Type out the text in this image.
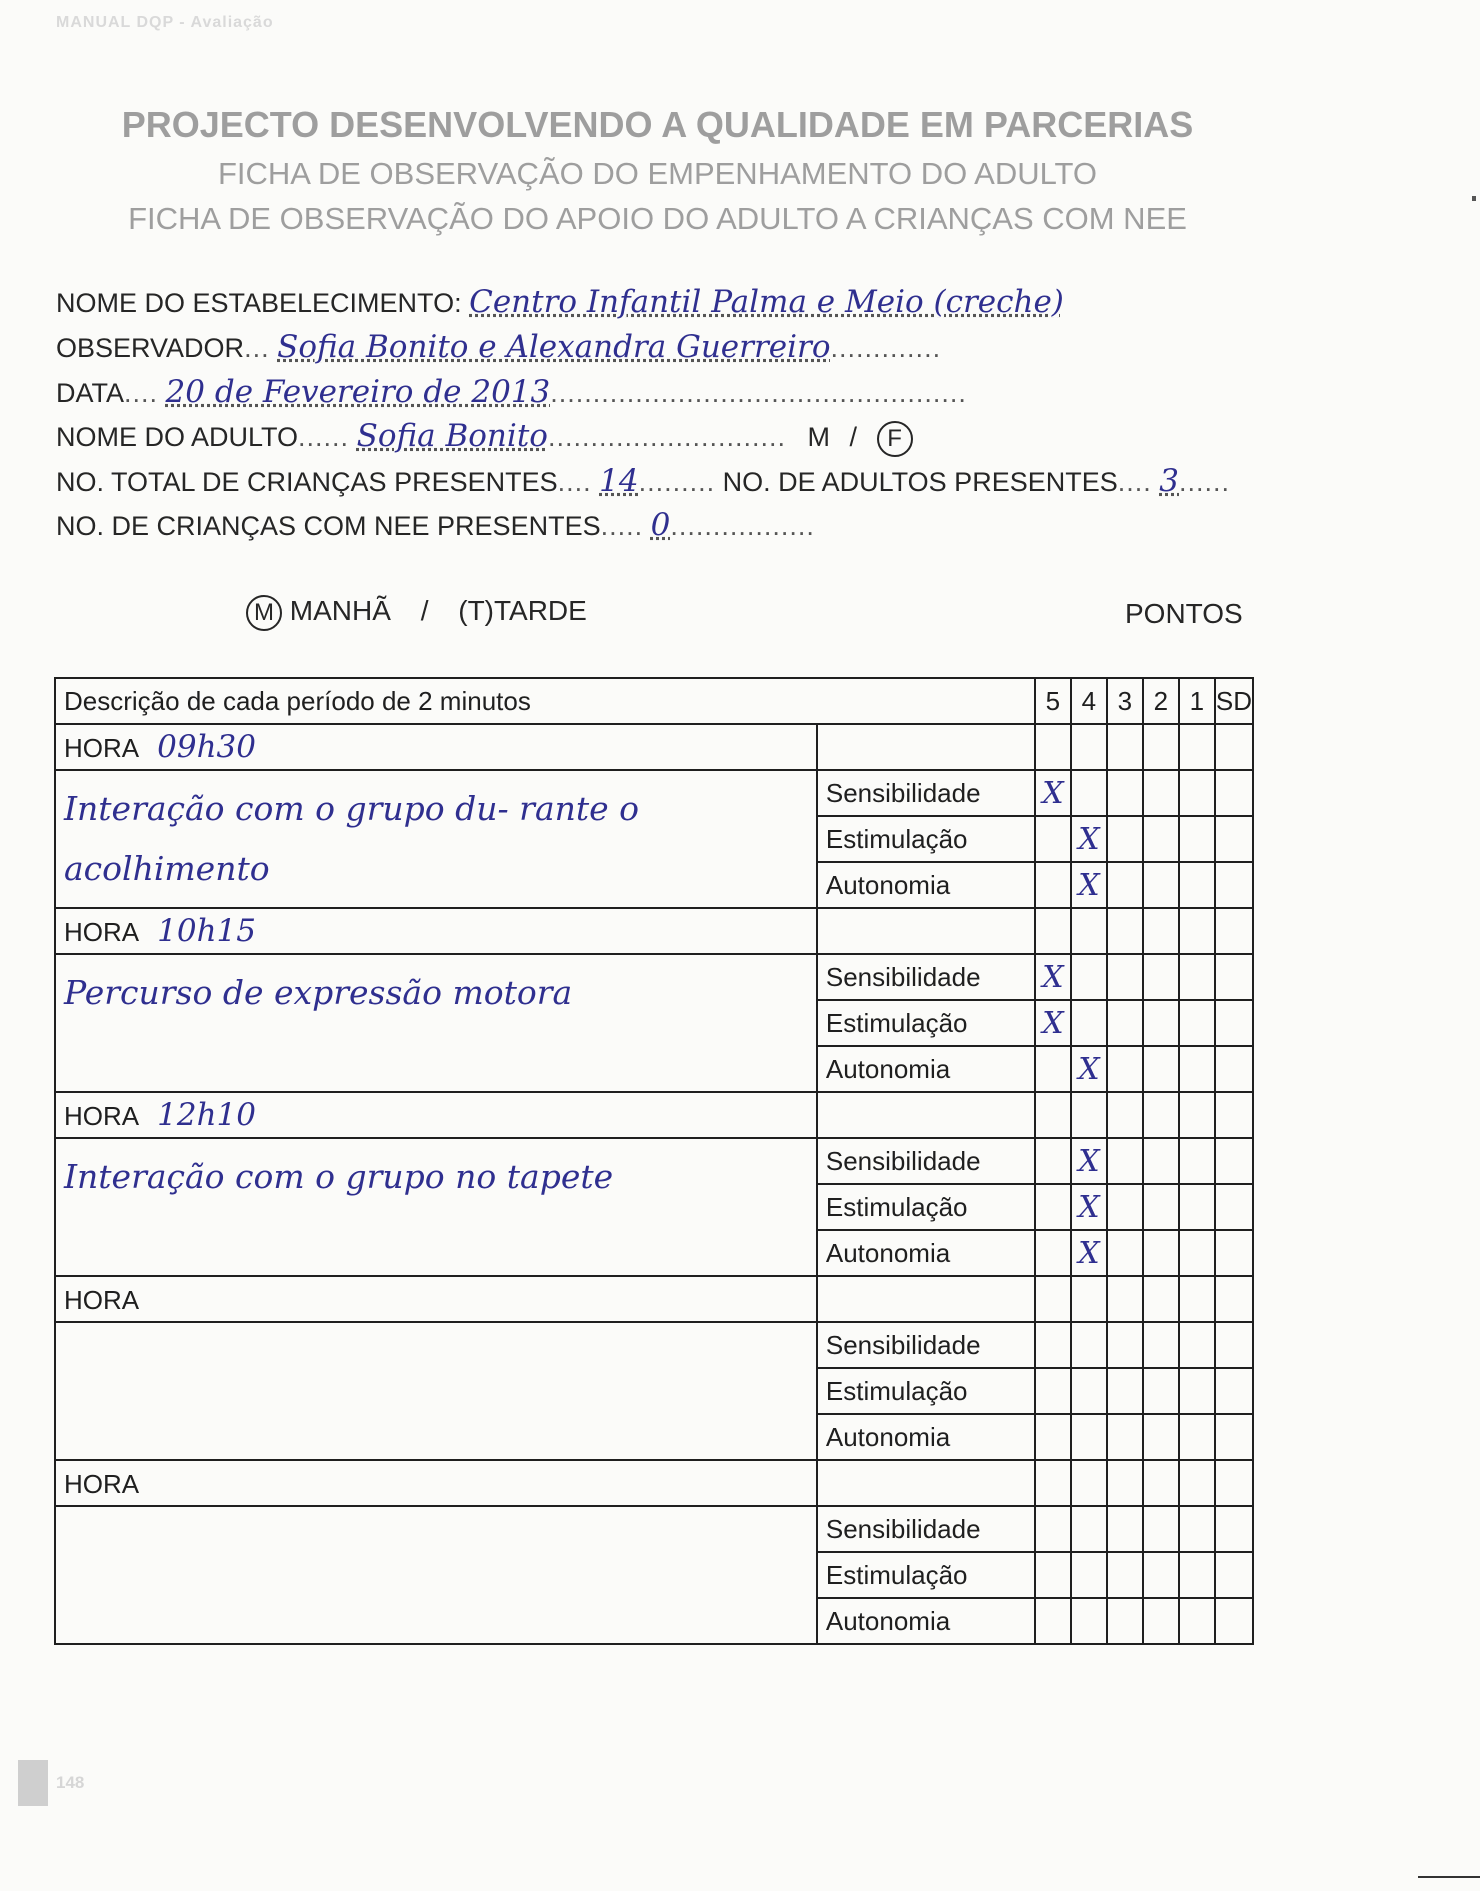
MANUAL DQP - Avaliação
PROJECTO DESENVOLVENDO A QUALIDADE EM PARCERIAS
FICHA DE OBSERVAÇÃO DO EMPENHAMENTO DO ADULTO
FICHA DE OBSERVAÇÃO DO APOIO DO ADULTO A CRIANÇAS COM NEE
NOME DO ESTABELECIMENTO: Centro Infantil Palma e Meio (creche)
OBSERVADOR... Sofia Bonito e Alexandra Guerreiro.............
DATA.... 20 de Fevereiro de 2013.................................................
NOME DO ADULTO...... Sofia Bonito............................ M / F
NO. TOTAL DE CRIANÇAS PRESENTES.... 14......... NO. DE ADULTOS PRESENTES.... 3......
NO. DE CRIANÇAS COM NEE PRESENTES..... 0.................
M MANHÃ / (T)TARDE	PONTOS
Descrição de cada período de 2 minutos		5	4	3	2	1	SD
HORA 09h30							
Interação com o grupo du- rante o acolhimento	Sensibilidade	X					
	Estimulação		X				
	Autonomia		X				
HORA 10h15							
Percurso de expressão motora	Sensibilidade	X					
	Estimulação	X					
	Autonomia		X				
HORA 12h10							
Interação com o grupo no tapete	Sensibilidade		X				
	Estimulação		X				
	Autonomia		X				
HORA							
	Sensibilidade						
	Estimulação						
	Autonomia						
HORA							
	Sensibilidade						
	Estimulação						
	Autonomia						
148
